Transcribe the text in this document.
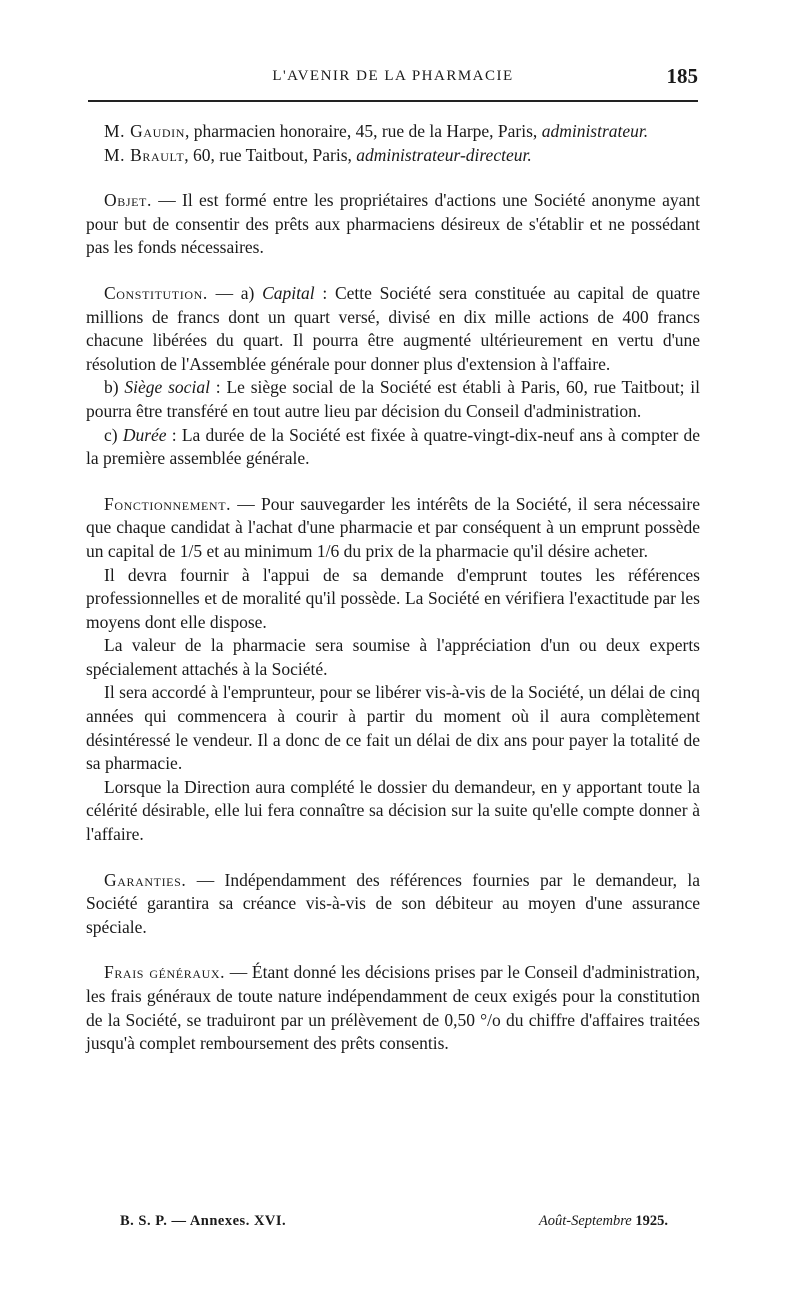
L'AVENIR DE LA PHARMACIE	185

M. Gaudin, pharmacien honoraire, 45, rue de la Harpe, Paris, administrateur.

M. Brault, 60, rue Taitbout, Paris, administrateur-directeur.

Objet. — Il est formé entre les propriétaires d'actions une Société anonyme ayant pour but de consentir des prêts aux pharmaciens désireux de s'établir et ne possédant pas les fonds nécessaires.

Constitution. — a) Capital : Cette Société sera constituée au capital de quatre millions de francs dont un quart versé, divisé en dix mille actions de 400 francs chacune libérées du quart. Il pourra être augmenté ultérieurement en vertu d'une résolution de l'Assemblée générale pour donner plus d'extension à l'affaire.

b) Siège social : Le siège social de la Société est établi à Paris, 60, rue Taitbout; il pourra être transféré en tout autre lieu par décision du Conseil d'administration.

c) Durée : La durée de la Société est fixée à quatre-vingt-dix-neuf ans à compter de la première assemblée générale.

Fonctionnement. — Pour sauvegarder les intérêts de la Société, il sera nécessaire que chaque candidat à l'achat d'une pharmacie et par conséquent à un emprunt possède un capital de 1/5 et au minimum 1/6 du prix de la pharmacie qu'il désire acheter.

Il devra fournir à l'appui de sa demande d'emprunt toutes les références professionnelles et de moralité qu'il possède. La Société en vérifiera l'exactitude par les moyens dont elle dispose.

La valeur de la pharmacie sera soumise à l'appréciation d'un ou deux experts spécialement attachés à la Société.

Il sera accordé à l'emprunteur, pour se libérer vis-à-vis de la Société, un délai de cinq années qui commencera à courir à partir du moment où il aura complètement désintéressé le vendeur. Il a donc de ce fait un délai de dix ans pour payer la totalité de sa pharmacie.

Lorsque la Direction aura complété le dossier du demandeur, en y apportant toute la célérité désirable, elle lui fera connaître sa décision sur la suite qu'elle compte donner à l'affaire.

Garanties. — Indépendamment des références fournies par le demandeur, la Société garantira sa créance vis-à-vis de son débiteur au moyen d'une assurance spéciale.

Frais généraux. — Étant donné les décisions prises par le Conseil d'administration, les frais généraux de toute nature indépendamment de ceux exigés pour la constitution de la Société, se traduiront par un prélèvement de 0,50 °/o du chiffre d'affaires traitées jusqu'à complet remboursement des prêts consentis.

B. S. P. — Annexes. XVI.	Août-Septembre 1925.
